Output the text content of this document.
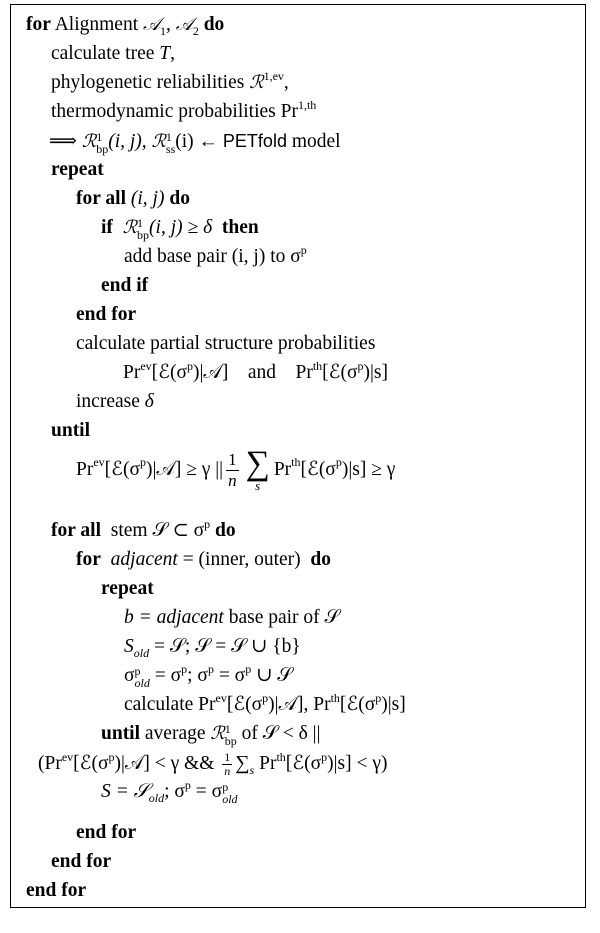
for Alignment 𝒜$_1$, 𝒜$_2$ do
calculate tree T,
phylogenetic reliabilities ℛ$^{1,ev}$,
thermodynamic probabilities $Pr^{1,th}$
⟹ ℛ 1
bp (i, j), ℛ 1
ss (i) ← PETfold model
repeat
for all (i, j) do
if ℛ 1
bp (i, j) ≥ δ then
add base pair (i, j) to $\sigma^p$
end if
end for
calculate partial structure probabilities
$Pr^{ev}[ℰ(\sigma^p)|𝒜]$ and $Pr^{th}[ℰ(\sigma^p)|s]$
increase δ
until
$Pr^{ev}$ [$ℰ(\sigma^p$ )|𝒜] ≥ γ || $\frac{1}{n}$ ∑
s
$Pr^{th}$ [$ℰ(\sigma^p$ )|s] ≥ γ
for all stem 𝒮 ⊂ $\sigma^p$ do
for adjacent = (inner, outer) do
repeat
b = adjacent base pair of 𝒮
$S_{old}$ = 𝒮; 𝒮 = 𝒮 ∪ {b}
σ p
old = $\sigma^p$; $\sigma^p = \sigma^p$ ∪ 𝒮
calculate $Pr^{ev}[ℰ(\sigma^p)|𝒜]$, $Pr^{th}[ℰ(\sigma^p)|s]$
until average ℛ 1
bp of 𝒮 < δ ||
($Pr^{ev}[ℰ(\sigma^p)|𝒜] < \gamma$ && $\frac{1}{n} \sum_s$ $Pr^{th}[ℰ(\sigma^p)|s] < \gamma$)
S = 𝒮$_{old}$; $\sigma^p = \sigma$ p
old
end for
end for
end for
